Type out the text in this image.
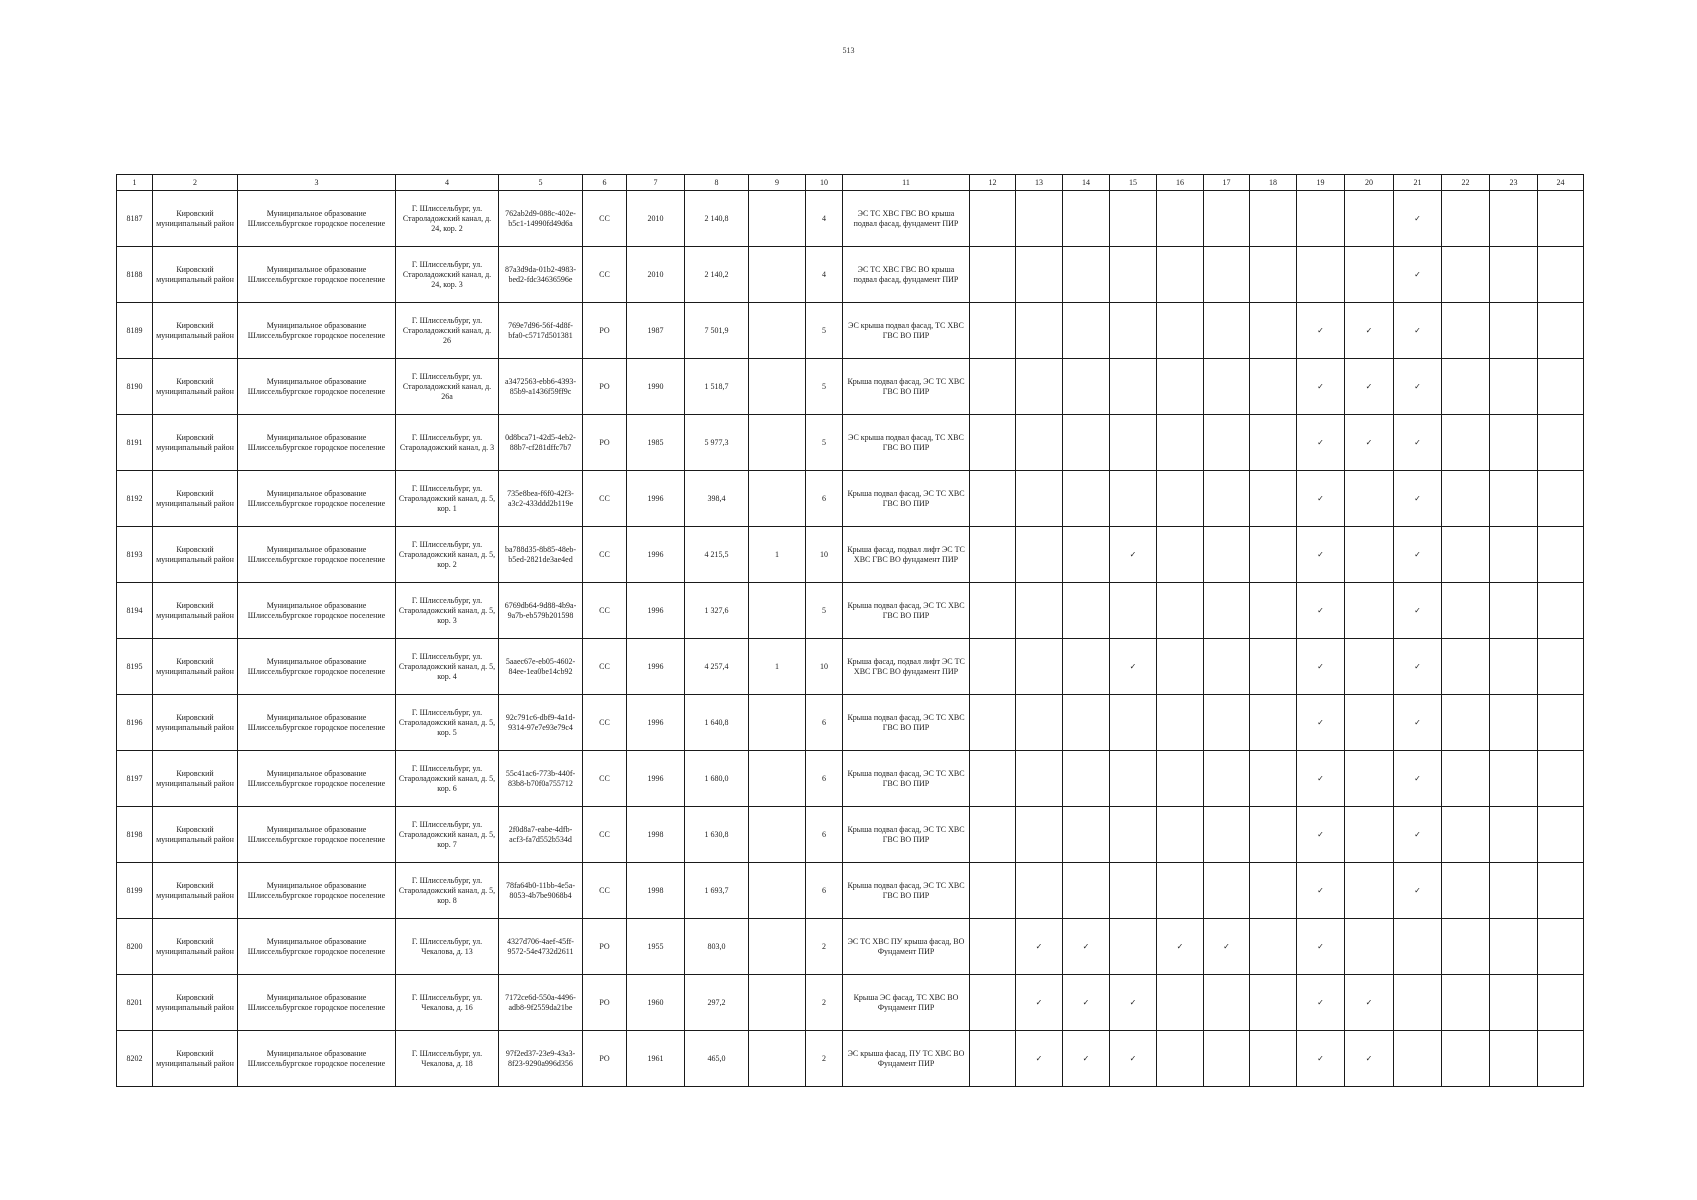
513
1	2	3	4	5	6	7	8	9	10	11	12	13	14	15	16	17	18	19	20	21	22	23	24
8187	Кировский муниципальный район	Муниципальное образование Шлиссельбургское городское поселение	Г. Шлиссельбург, ул. Староладожский канал, д. 24, кор. 2	762ab2d9-088c-402e-b5c1-14990fd49d6a	СС	2010	2 140,8		4	ЭС ТС ХВС ГВС ВО крыша подвал фасад, фундамент ПИР										✓			
8188	Кировский муниципальный район	Муниципальное образование Шлиссельбургское городское поселение	Г. Шлиссельбург, ул. Староладожский канал, д. 24, кор. 3	87a3d9da-01b2-4983-bed2-fdc34636596e	СС	2010	2 140,2		4	ЭС ТС ХВС ГВС ВО крыша подвал фасад, фундамент ПИР										✓			
8189	Кировский муниципальный район	Муниципальное образование Шлиссельбургское городское поселение	Г. Шлиссельбург, ул. Староладожский канал, д. 26	769e7d96-56f-4d8f-bfa0-c5717d501381	РО	1987	7 501,9		5	ЭС крыша подвал фасад, ТС ХВС ГВС ВО ПИР								✓	✓	✓			
8190	Кировский муниципальный район	Муниципальное образование Шлиссельбургское городское поселение	Г. Шлиссельбург, ул. Староладожский канал, д. 26а	a3472563-ebb6-4393-85b9-a1436f59ff9c	РО	1990	1 518,7		5	Крыша подвал фасад, ЭС ТС ХВС ГВС ВО ПИР								✓	✓	✓			
8191	Кировский муниципальный район	Муниципальное образование Шлиссельбургское городское поселение	Г. Шлиссельбург, ул. Староладожский канал, д. 3	0d8bca71-42d5-4eb2-88b7-cf281dffc7b7	РО	1985	5 977,3		5	ЭС крыша подвал фасад, ТС ХВС ГВС ВО ПИР								✓	✓	✓			
8192	Кировский муниципальный район	Муниципальное образование Шлиссельбургское городское поселение	Г. Шлиссельбург, ул. Староладожский канал, д. 5, кор. 1	735e8bea-f6f0-42f3-a3c2-433ddd2b119e	СС	1996	398,4		6	Крыша подвал фасад, ЭС ТС ХВС ГВС ВО ПИР								✓		✓			
8193	Кировский муниципальный район	Муниципальное образование Шлиссельбургское городское поселение	Г. Шлиссельбург, ул. Староладожский канал, д. 5, кор. 2	ba788d35-8b85-48eb-b5ed-2821de3ae4ed	СС	1996	4 215,5	1	10	Крыша фасад, подвал лифт ЭС ТС ХВС ГВС ВО фундамент ПИР				✓				✓		✓			
8194	Кировский муниципальный район	Муниципальное образование Шлиссельбургское городское поселение	Г. Шлиссельбург, ул. Староладожский канал, д. 5, кор. 3	6769db64-9d88-4b9a-9a7b-eb579b201598	СС	1996	1 327,6		5	Крыша подвал фасад, ЭС ТС ХВС ГВС ВО ПИР								✓		✓			
8195	Кировский муниципальный район	Муниципальное образование Шлиссельбургское городское поселение	Г. Шлиссельбург, ул. Староладожский канал, д. 5, кор. 4	5aaec67e-eb05-4602-84ee-1ea0be14cb92	СС	1996	4 257,4	1	10	Крыша фасад, подвал лифт ЭС ТС ХВС ГВС ВО фундамент ПИР				✓				✓		✓			
8196	Кировский муниципальный район	Муниципальное образование Шлиссельбургское городское поселение	Г. Шлиссельбург, ул. Староладожский канал, д. 5, кор. 5	92c791c6-dbf9-4a1d-9314-97e7e93e79c4	СС	1996	1 640,8		6	Крыша подвал фасад, ЭС ТС ХВС ГВС ВО ПИР								✓		✓			
8197	Кировский муниципальный район	Муниципальное образование Шлиссельбургское городское поселение	Г. Шлиссельбург, ул. Староладожский канал, д. 5, кор. 6	55c41ac6-773b-440f-83b8-b70f0a755712	СС	1996	1 680,0		6	Крыша подвал фасад, ЭС ТС ХВС ГВС ВО ПИР								✓		✓			
8198	Кировский муниципальный район	Муниципальное образование Шлиссельбургское городское поселение	Г. Шлиссельбург, ул. Староладожский канал, д. 5, кор. 7	2f0d8a7-eabe-4dfb-acf3-fa7d552b534d	СС	1998	1 630,8		6	Крыша подвал фасад, ЭС ТС ХВС ГВС ВО ПИР								✓		✓			
8199	Кировский муниципальный район	Муниципальное образование Шлиссельбургское городское поселение	Г. Шлиссельбург, ул. Староладожский канал, д. 5, кор. 8	78fa64b0-11bb-4e5a-8053-4b7be9068b4	СС	1998	1 693,7		6	Крыша подвал фасад, ЭС ТС ХВС ГВС ВО ПИР								✓		✓			
8200	Кировский муниципальный район	Муниципальное образование Шлиссельбургское городское поселение	Г. Шлиссельбург, ул. Чекалова, д. 13	4327d706-4aef-45ff-9572-54e4732d2611	РО	1955	803,0		2	ЭС ТС ХВС ПУ крыша фасад, ВО Фундамент ПИР		✓	✓		✓	✓		✓					
8201	Кировский муниципальный район	Муниципальное образование Шлиссельбургское городское поселение	Г. Шлиссельбург, ул. Чекалова, д. 16	7172ce6d-550a-4496-adb8-9f2559da21be	РО	1960	297,2		2	Крыша ЭС фасад, ТС ХВС ВО Фундамент ПИР		✓	✓	✓				✓	✓				
8202	Кировский муниципальный район	Муниципальное образование Шлиссельбургское городское поселение	Г. Шлиссельбург, ул. Чекалова, д. 18	97f2ed37-23e9-43a3-8f23-9290a996d356	РО	1961	465,0		2	ЭС крыша фасад, ПУ ТС ХВС ВО Фундамент ПИР		✓	✓	✓				✓	✓				
